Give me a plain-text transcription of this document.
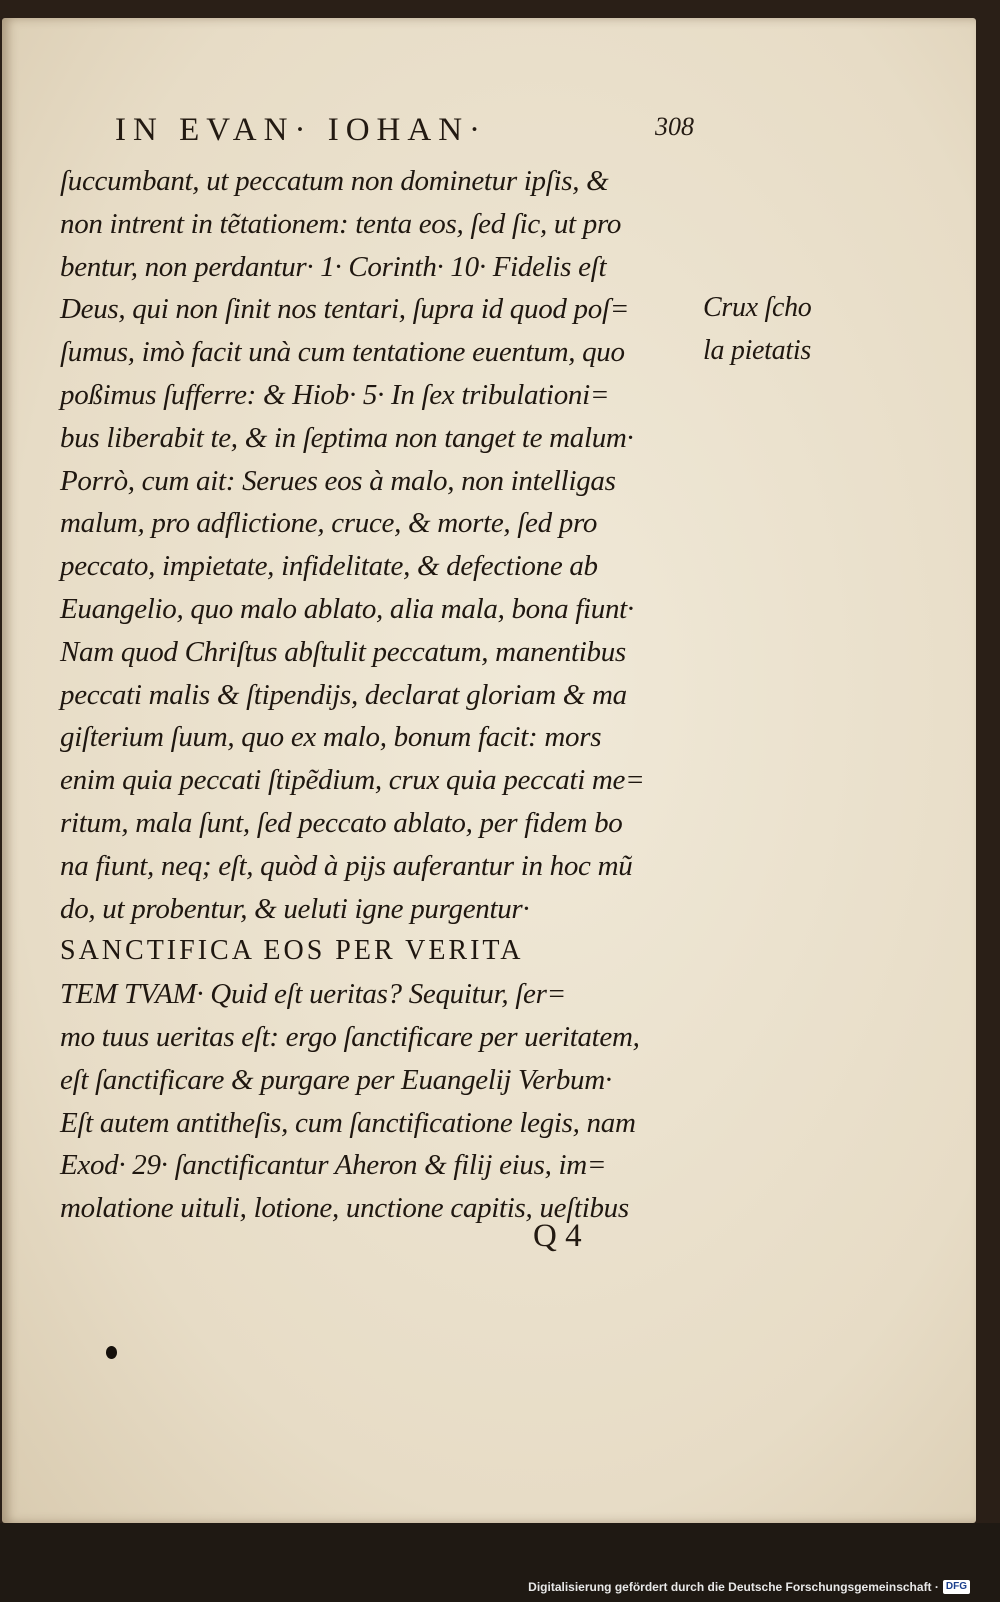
IN EVAN· IOHAN·	308
ſuccumbant, ut peccatum non dominetur ipſis, &
non intrent in tẽtationem: tenta eos, ſed ſic, ut pro
bentur, non perdantur· 1· Corinth· 10· Fidelis eſt
Deus, qui non ſinit nos tentari, ſupra id quod poſ=
ſumus, imò facit unà cum tentatione euentum, quo
poßimus ſufferre: & Hiob· 5· In ſex tribulationi=
bus liberabit te, & in ſeptima non tanget te malum·
Porrò, cum ait: Serues eos à malo, non intelligas
malum, pro adflictione, cruce, & morte, ſed pro
peccato, impietate, infidelitate, & defectione ab
Euangelio, quo malo ablato, alia mala, bona fiunt·
Nam quod Chriſtus abſtulit peccatum, manentibus
peccati malis & ſtipendijs, declarat gloriam & ma
giſterium ſuum, quo ex malo, bonum facit: mors
enim quia peccati ſtipẽdium, crux quia peccati me=
ritum, mala ſunt, ſed peccato ablato, per fidem bo
na fiunt, neq; eſt, quòd à pijs auferantur in hoc mũ
do, ut probentur, & ueluti igne purgentur·
SANCTIFICA EOS PER VERITA
TEM TVAM· Quid eſt ueritas? Sequitur, ſer=
mo tuus ueritas eſt: ergo ſanctificare per ueritatem,
eſt ſanctificare & purgare per Euangelij Verbum·
Eſt autem antitheſis, cum ſanctificatione legis, nam
Exod· 29· ſanctificantur Aheron & filij eius, im=
molatione uituli, lotione, unctione capitis, ueſtibus
Crux ſcho
la pietatis
Q 4
Digitalisierung gefördert durch die Deutsche Forschungsgemeinschaft · DFG
